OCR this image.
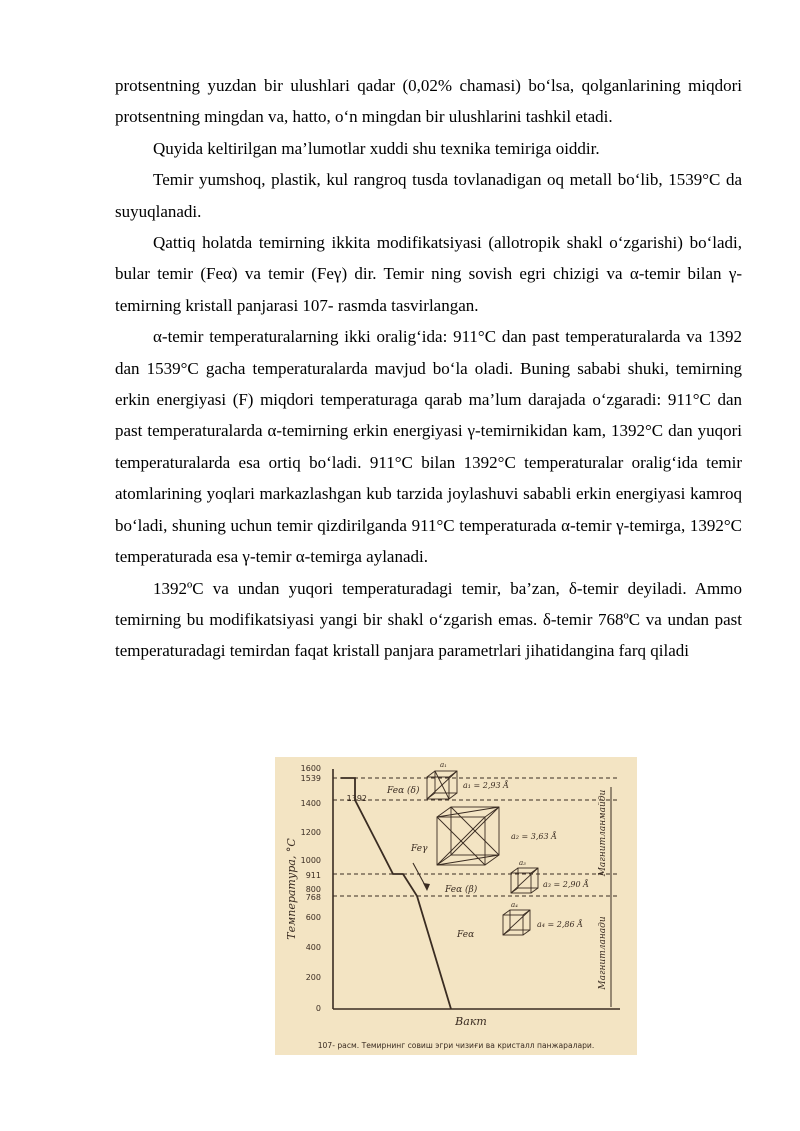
protsentning yuzdan bir ulushlari qadar (0,02% chamasi) bo‘lsa, qolganlarining miqdori protsentning mingdan va, hatto, o‘n mingdan bir ulushlarini tashkil etadi.

Quyida keltirilgan ma’lumotlar xuddi shu texnika temiriga oiddir.

Temir yumshoq, plastik, kul rangroq tusda tovlanadigan oq metall bo‘lib, 1539°C da suyuqlanadi.

Qattiq holatda temirning ikkita modifikatsiyasi (allotropik shakl o‘zgarishi) bo‘ladi, bular temir (Feα) va temir (Feγ) dir. Temir ning sovish egri chizigi va α-temir bilan γ-temirning kristall panjarasi 107- rasmda tasvirlangan.

α-temir temperaturalarning ikki oralig‘ida: 911°C dan past temperaturalarda va 1392 dan 1539°C gacha temperaturalarda mavjud bo‘la oladi. Buning sababi shuki, temirning erkin energiyasi (F) miqdori temperaturaga qarab ma’lum darajada o‘zgaradi: 911°C dan past temperaturalarda α-temirning erkin energiyasi γ-temirnikidan kam, 1392°C dan yuqori temperaturalarda esa ortiq bo‘ladi. 911°C bilan 1392°C temperaturalar oralig‘ida temir atomlarining yoqlari markazlashgan kub tarzida joylashuvi sababli erkin energiyasi kamroq bo‘ladi, shuning uchun temir qizdirilganda 911°C temperaturada α-temir γ-temirga, 1392°C temperaturada esa γ-temir α-temirga aylanadi.

1392ºC va undan yuqori temperaturadagi temir, ba’zan, δ-temir deyiladi. Ammo temirning bu modifikatsiyasi yangi bir shakl o‘zgarish emas. δ-temir 768ºC va undan past temperaturadagi temirdan faqat kristall panjara parametrlari jihatidangina farq qiladi

Температура, °С
1600
1539
1400
1392
1200
1000
911
800
768
600
400
200
0
Feα (δ)
Feγ
Feα (β)
Feα
a₁
a₁ = 2,93 Å
a₂ = 3,63 Å
a₃
a₃ = 2,90 Å
a₄
a₄ = 2,86 Å
Магнитланмайди
Магнитланади
Вакт
107- расм. Темирнинг совиш эгри чизиғи ва кристалл панжаралари.
